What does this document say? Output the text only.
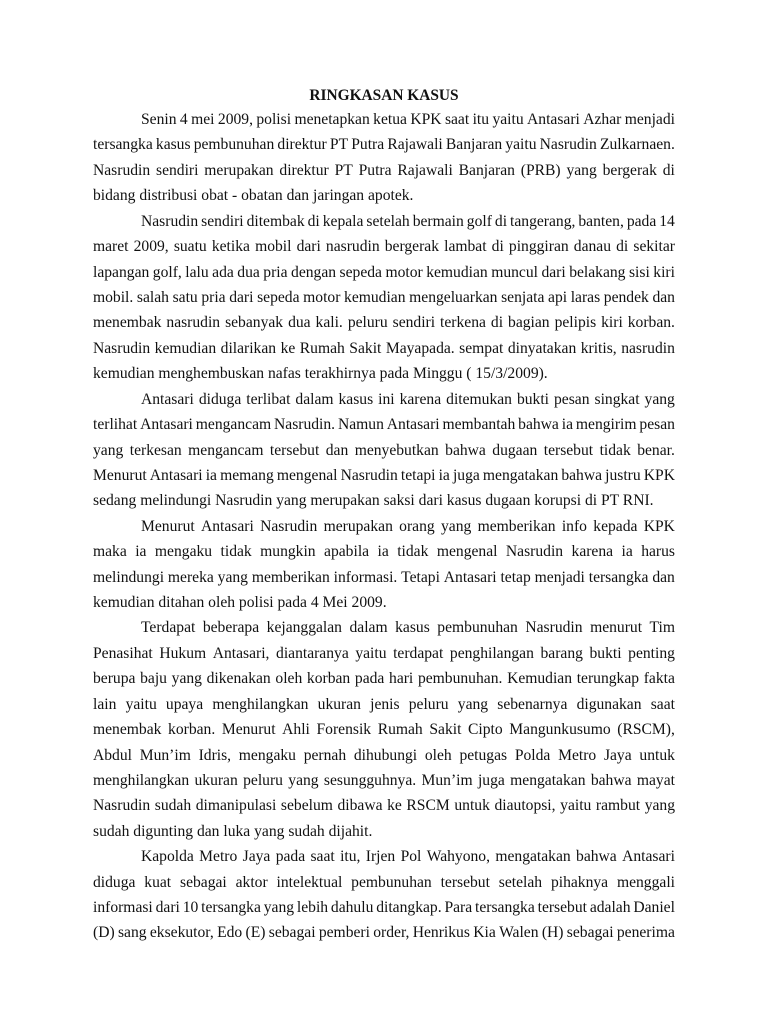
RINGKASAN KASUS
Senin 4 mei 2009, polisi menetapkan ketua KPK saat itu yaitu Antasari Azhar menjadi
tersangka kasus pembunuhan direktur PT Putra Rajawali Banjaran yaitu Nasrudin Zulkarnaen.
Nasrudin sendiri merupakan direktur PT Putra Rajawali Banjaran (PRB) yang bergerak di
bidang distribusi obat - obatan dan jaringan apotek.
Nasrudin sendiri ditembak di kepala setelah bermain golf di tangerang, banten, pada 14
maret 2009, suatu ketika mobil dari nasrudin bergerak lambat di pinggiran danau di sekitar
lapangan golf, lalu ada dua pria dengan sepeda motor kemudian muncul dari belakang sisi kiri
mobil. salah satu pria dari sepeda motor kemudian mengeluarkan senjata api laras pendek dan
menembak nasrudin sebanyak dua kali. peluru sendiri terkena di bagian pelipis kiri korban.
Nasrudin kemudian dilarikan ke Rumah Sakit Mayapada. sempat dinyatakan kritis, nasrudin
kemudian menghembuskan nafas terakhirnya pada Minggu ( 15/3/2009).
Antasari diduga terlibat dalam kasus ini karena ditemukan bukti pesan singkat yang
terlihat Antasari mengancam Nasrudin. Namun Antasari membantah bahwa ia mengirim pesan
yang terkesan mengancam tersebut dan menyebutkan bahwa dugaan tersebut tidak benar.
Menurut Antasari ia memang mengenal Nasrudin tetapi ia juga mengatakan bahwa justru KPK
sedang melindungi Nasrudin yang merupakan saksi dari kasus dugaan korupsi di PT RNI.
Menurut Antasari Nasrudin merupakan orang yang memberikan info kepada KPK
maka ia mengaku tidak mungkin apabila ia tidak mengenal Nasrudin karena ia harus
melindungi mereka yang memberikan informasi. Tetapi Antasari tetap menjadi tersangka dan
kemudian ditahan oleh polisi pada 4 Mei 2009.
Terdapat beberapa kejanggalan dalam kasus pembunuhan Nasrudin menurut Tim
Penasihat Hukum Antasari, diantaranya yaitu terdapat penghilangan barang bukti penting
berupa baju yang dikenakan oleh korban pada hari pembunuhan. Kemudian terungkap fakta
lain yaitu upaya menghilangkan ukuran jenis peluru yang sebenarnya digunakan saat
menembak korban. Menurut Ahli Forensik Rumah Sakit Cipto Mangunkusumo (RSCM),
Abdul Mun’im Idris, mengaku pernah dihubungi oleh petugas Polda Metro Jaya untuk
menghilangkan ukuran peluru yang sesungguhnya. Mun’im juga mengatakan bahwa mayat
Nasrudin sudah dimanipulasi sebelum dibawa ke RSCM untuk diautopsi, yaitu rambut yang
sudah digunting dan luka yang sudah dijahit.
Kapolda Metro Jaya pada saat itu, Irjen Pol Wahyono, mengatakan bahwa Antasari
diduga kuat sebagai aktor intelektual pembunuhan tersebut setelah pihaknya menggali
informasi dari 10 tersangka yang lebih dahulu ditangkap. Para tersangka tersebut adalah Daniel
(D) sang eksekutor, Edo (E) sebagai pemberi order, Henrikus Kia Walen (H) sebagai penerima
